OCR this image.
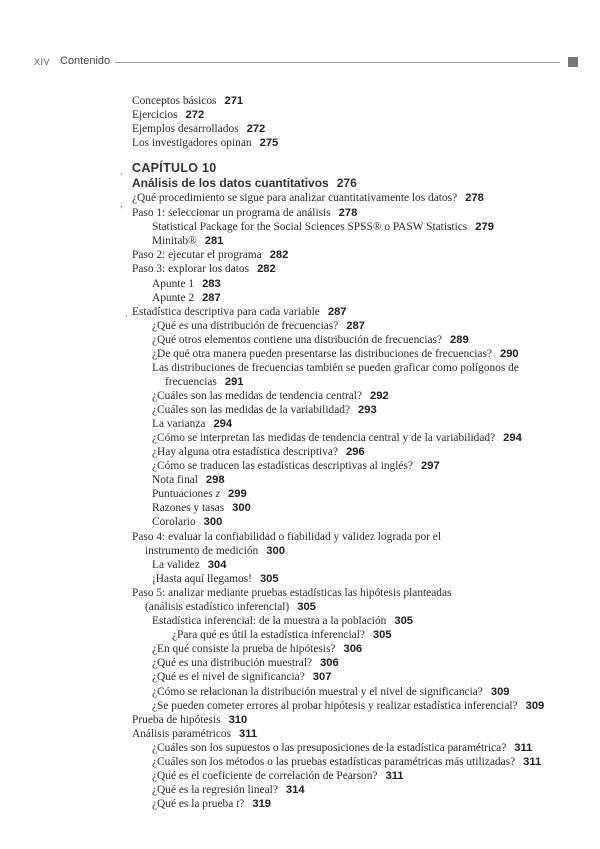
XIV Contenido
CAPÍTULO 10
Análisis de los datos cuantitativos 276
,
,
,
Conceptos básicos 271
Ejercicios 272
Ejemplos desarrollados 272
Los investigadores opinan 275
¿Qué procedimiento se sigue para analizar cuantitativamente los datos? 278
Paso 1: seleccionar un programa de análisis 278
Statistical Package for the Social Sciences SPSS® o PASW Statistics 279
Minitab® 281
Paso 2: ejecutar el programa 282
Paso 3: explorar los datos 282
Apunte 1 283
Apunte 2 287
Estadística descriptiva para cada variable 287
¿Qué es una distribución de frecuencias? 287
¿Qué otros elementos contiene una distribución de frecuencias? 289
¿De qué otra manera pueden presentarse las distribuciones de frecuencias? 290
Las distribuciones de frecuencias también se pueden graficar como polígonos de
frecuencias 291
¿Cuáles son las medidas de tendencia central? 292
¿Cuáles son las medidas de la variabilidad? 293
La varianza 294
¿Cómo se interpretan las medidas de tendencia central y de la variabilidad? 294
¿Hay alguna otra estadística descriptiva? 296
¿Cómo se traducen las estadísticas descriptivas al inglés? 297
Nota final 298
Puntuaciones z 299
Razones y tasas 300
Corolario 300
Paso 4: evaluar la confiabilidad o fiabilidad y validez lograda por el
instrumento de medición 300
La validez 304
¡Hasta aquí llegamos! 305
Paso 5: analizar mediante pruebas estadísticas las hipótesis planteadas
(análisis estadístico inferencial) 305
Estadística inferencial: de la muestra a la población 305
¿Para qué es útil la estadística inferencial? 305
¿En qué consiste la prueba de hipótesis? 306
¿Qué es una distribución muestral? 306
¿Qué es el nivel de significancia? 307
¿Cómo se relacionan la distribución muestral y el nivel de significancia? 309
¿Se pueden cometer errores al probar hipótesis y realizar estadística inferencial? 309
Prueba de hipótesis 310
Análisis paramétricos 311
¿Cuáles son los supuestos o las presuposiciones de la estadística paramétrica? 311
¿Cuáles son los métodos o las pruebas estadísticas paramétricas más utilizadas? 311
¿Qué es el coeficiente de correlación de Pearson? 311
¿Qué es la regresión lineal? 314
¿Qué es la prueba t? 319
